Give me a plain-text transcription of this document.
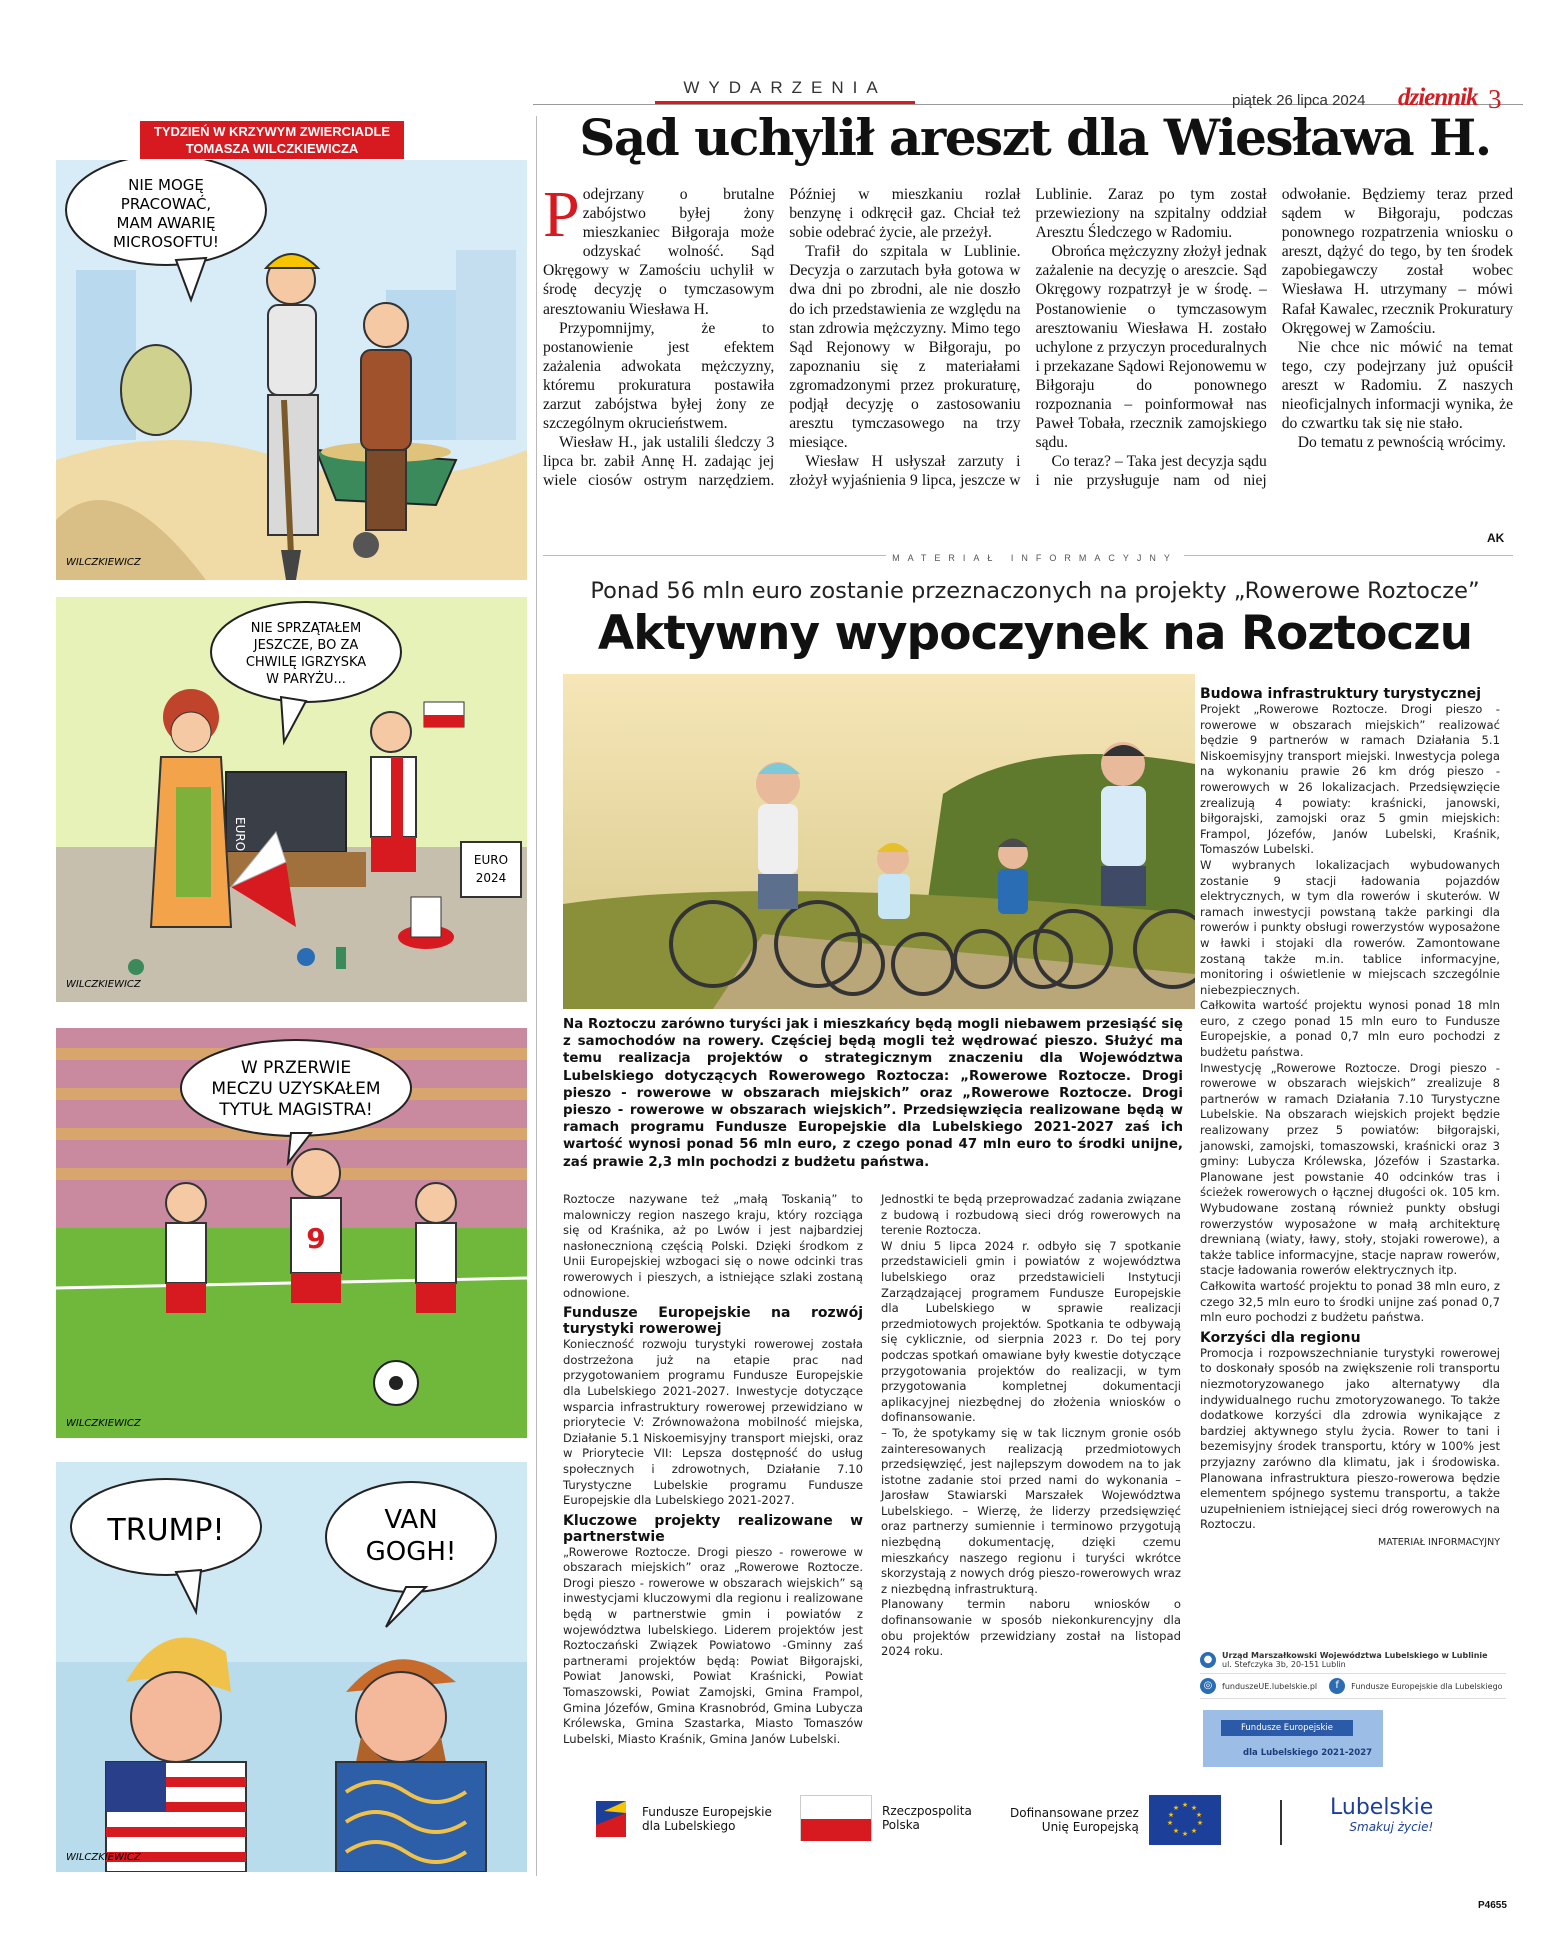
WYDARZENIA
piątek 26 lipca 2024 dziennik 3
TYDZIEŃ W KRZYWYM ZWIERCIADLE
TOMASZA WILCZKIEWICZA
NIE MOGĘ
PRACOWAĆ,
MAM AWARIĘ
MICROSOFTU!
WILCZKIEWICZ
EURO
EURO
2024
NIE SPRZĄTAŁEM
JESZCZE, BO ZA
CHWILĘ IGRZYSKA
W PARYŻU...
WILCZKIEWICZ
9
W PRZERWIE
MECZU UZYSKAŁEM
TYTUŁ MAGISTRA!
WILCZKIEWICZ
TRUMP!	VAN
GOGH!
WILCZKIEWICZ
Sąd uchylił areszt dla Wiesława H.

Podejrzany o brutalne zabójstwo byłej żony mieszkaniec Biłgoraja może odzyskać wolność. Sąd Okręgowy w Zamościu uchylił w środę decyzję o tymczasowym aresztowaniu Wiesława H.

Przypomnijmy, że to postanowienie jest efektem zażalenia adwokata mężczyzny, któremu prokuratura postawiła zarzut zabójstwa byłej żony ze szczególnym okrucieństwem.

Wiesław H., jak ustalili śledczy 3 lipca br. zabił Annę H. zadając jej wiele ciosów ostrym narzędziem. Później w mieszkaniu rozlał benzynę i odkręcił gaz. Chciał też sobie odebrać życie, ale przeżył.

Trafił do szpitala w Lublinie. Decyzja o zarzutach była gotowa w dwa dni po zbrodni, ale nie doszło do ich przedstawienia ze względu na stan zdrowia mężczyzny. Mimo tego Sąd Rejonowy w Biłgoraju, po zapoznaniu się z materiałami zgromadzonymi przez prokuraturę, podjął decyzję o zastosowaniu aresztu tymczasowego na trzy miesiące.

Wiesław H usłyszał zarzuty i złożył wyjaśnienia 9 lipca, jeszcze w Lublinie. Zaraz po tym został przewieziony na szpitalny oddział Aresztu Śledczego w Radomiu.

Obrońca mężczyzny złożył jednak zażalenie na decyzję o areszcie. Sąd Okręgowy rozpatrzył je w środę. – Postanowienie o tymczasowym aresztowaniu Wiesława H. zostało uchylone z przyczyn proceduralnych i przekazane Sądowi Rejonowemu w Biłgoraju do ponownego rozpoznania – poinformował nas Paweł Tobała, rzecznik zamojskiego sądu.

Co teraz? – Taka jest decyzja sądu i nie przysługuje nam od niej odwołanie. Będziemy teraz przed sądem w Biłgoraju, podczas ponownego rozpatrzenia wniosku o areszt, dążyć do tego, by ten środek zapobiegawczy został wobec Wiesława H. utrzymany – mówi Rafał Kawalec, rzecznik Prokuratury Okręgowej w Zamościu.

Nie chce nic mówić na temat tego, czy podejrzany już opuścił areszt w Radomiu. Z naszych nieoficjalnych informacji wynika, że do czwartku tak się nie stało.

Do tematu z pewnością wrócimy.

AK
MATERIAŁ INFORMACYJNY
Ponad 56 mln euro zostanie przeznaczonych na projekty „Rowerowe Roztocze”
Aktywny wypoczynek na Roztoczu
Na Roztoczu zarówno turyści jak i mieszkańcy będą mogli niebawem przesiąść się z samochodów na rowery. Częściej będą mogli też wędrować pieszo. Służyć ma temu realizacja projektów o strategicznym znaczeniu dla Województwa Lubelskiego dotyczących Rowerowego Roztocza: „Rowerowe Roztocze. Drogi pieszo - rowerowe w obszarach miejskich” oraz „Rowerowe Roztocze. Drogi pieszo - rowerowe w obszarach wiejskich”. Przedsięwzięcia realizowane będą w ramach programu Fundusze Europejskie dla Lubelskiego 2021-2027 zaś ich wartość wynosi ponad 56 mln euro, z czego ponad 47 mln euro to środki unijne, zaś prawie 2,3 mln pochodzi z budżetu państwa.

Roztocze nazywane też „małą Toskanią” to malowniczy region naszego kraju, który rozciąga się od Kraśnika, aż po Lwów i jest najbardziej nasłonecznioną częścią Polski. Dzięki środkom z Unii Europejskiej wzbogaci się o nowe odcinki tras rowerowych i pieszych, a istniejące szlaki zostaną odnowione.

Fundusze Europejskie na rozwój turystyki rowerowej

Konieczność rozwoju turystyki rowerowej została dostrzeżona już na etapie prac nad przygotowaniem programu Fundusze Europejskie dla Lubelskiego 2021-2027. Inwestycje dotyczące wsparcia infrastruktury rowerowej przewidziano w priorytecie V: Zrównoważona mobilność miejska, Działanie 5.1 Niskoemisyjny transport miejski, oraz w Priorytecie VII: Lepsza dostępność do usług społecznych i zdrowotnych, Działanie 7.10 Turystyczne Lubelskie programu Fundusze Europejskie dla Lubelskiego 2021-2027.

Kluczowe projekty realizowane w partnerstwie

„Rowerowe Roztocze. Drogi pieszo - rowerowe w obszarach miejskich” oraz „Rowerowe Roztocze. Drogi pieszo - rowerowe w obszarach wiejskich” są inwestycjami kluczowymi dla regionu i realizowane będą w partnerstwie gmin i powiatów z województwa lubelskiego. Liderem projektów jest Roztoczański Związek Powiatowo -Gminny zaś partnerami projektów będą: Powiat Biłgorajski, Powiat Janowski, Powiat Kraśnicki, Powiat Tomaszowski, Powiat Zamojski, Gmina Frampol, Gmina Józefów, Gmina Krasnobród, Gmina Lubycza Królewska, Gmina Szastarka, Miasto Tomaszów Lubelski, Miasto Kraśnik, Gmina Janów Lubelski.

Jednostki te będą przeprowadzać zadania związane z budową i rozbudową sieci dróg rowerowych na terenie Roztocza.

W dniu 5 lipca 2024 r. odbyło się 7 spotkanie przedstawicieli gmin i powiatów z województwa lubelskiego oraz przedstawicieli Instytucji Zarządzającej programem Fundusze Europejskie dla Lubelskiego w sprawie realizacji przedmiotowych projektów. Spotkania te odbywają się cyklicznie, od sierpnia 2023 r. Do tej pory podczas spotkań omawiane były kwestie dotyczące przygotowania projektów do realizacji, w tym przygotowania kompletnej dokumentacji aplikacyjnej niezbędnej do złożenia wniosków o dofinansowanie.

– To, że spotykamy się w tak licznym gronie osób zainteresowanych realizacją przedmiotowych przedsięwzięć, jest najlepszym dowodem na to jak istotne zadanie stoi przed nami do wykonania – Jarosław Stawiarski Marszałek Województwa Lubelskiego. – Wierzę, że liderzy przedsięwzięć oraz partnerzy sumiennie i terminowo przygotują niezbędną dokumentację, dzięki czemu mieszkańcy naszego regionu i turyści wkrótce skorzystają z nowych dróg pieszo-rowerowych wraz z niezbędną infrastrukturą.

Planowany termin naboru wniosków o dofinansowanie w sposób niekonkurencyjny dla obu projektów przewidziany został na listopad 2024 roku.

Budowa infrastruktury turystycznej

Projekt „Rowerowe Roztocze. Drogi pieszo - rowerowe w obszarach miejskich” realizować będzie 9 partnerów w ramach Działania 5.1 Niskoemisyjny transport miejski. Inwestycja polega na wykonaniu prawie 26 km dróg pieszo - rowerowych w 26 lokalizacjach. Przedsięwzięcie zrealizują 4 powiaty: kraśnicki, janowski, biłgorajski, zamojski oraz 5 gmin miejskich: Frampol, Józefów, Janów Lubelski, Kraśnik, Tomaszów Lubelski.

W wybranych lokalizacjach wybudowanych zostanie 9 stacji ładowania pojazdów elektrycznych, w tym dla rowerów i skuterów. W ramach inwestycji powstaną także parkingi dla rowerów i punkty obsługi rowerzystów wyposażone w ławki i stojaki dla rowerów. Zamontowane zostaną także m.in. tablice informacyjne, monitoring i oświetlenie w miejscach szczególnie niebezpiecznych.

Całkowita wartość projektu wynosi ponad 18 mln euro, z czego ponad 15 mln euro to Fundusze Europejskie, a ponad 0,7 mln euro pochodzi z budżetu państwa.

Inwestycję „Rowerowe Roztocze. Drogi pieszo - rowerowe w obszarach wiejskich” zrealizuje 8 partnerów w ramach Działania 7.10 Turystyczne Lubelskie. Na obszarach wiejskich projekt będzie realizowany przez 5 powiatów: biłgorajski, janowski, zamojski, tomaszowski, kraśnicki oraz 3 gminy: Lubycza Królewska, Józefów i Szastarka. Planowane jest powstanie 40 odcinków tras i ścieżek rowerowych o łącznej długości ok. 105 km. Wybudowane zostaną również punkty obsługi rowerzystów wyposażone w małą architekturę drewnianą (wiaty, ławy, stoły, stojaki rowerowe), a także tablice informacyjne, stacje napraw rowerów, stacje ładowania rowerów elektrycznych itp.

Całkowita wartość projektu to ponad 38 mln euro, z czego 32,5 mln euro to środki unijne zaś ponad 0,7 mln euro pochodzi z budżetu państwa.

Korzyści dla regionu

Promocja i rozpowszechnianie turystyki rowerowej to doskonały sposób na zwiększenie roli transportu niezmotoryzowanego jako alternatywy dla indywidualnego ruchu zmotoryzowanego. To także dodatkowe korzyści dla zdrowia wynikające z bardziej aktywnego stylu życia. Rower to tani i bezemisyjny środek transportu, który w 100% jest przyjazny zarówno dla klimatu, jak i środowiska. Planowana infrastruktura pieszo-rowerowa będzie elementem spójnego systemu transportu, a także uzupełnieniem istniejącej sieci dróg rowerowych na Roztoczu.

MATERIAŁ INFORMACYJNY
●	Urząd Marszałkowski Województwa Lubelskiego w Lublinie
ul. Stefczyka 3b, 20-151 Lublin
◎	funduszeUE.lubelskie.pl	f	Fundusze Europejskie dla Lubelskiego
Fundusze Europejskie
dla Lubelskiego 2021-2027
Fundusze Europejskie
dla Lubelskiego
Rzeczpospolita
Polska
Dofinansowane przez
Unię Europejską
★ ★
★
★
★
★
★
★
★
★	Lubelskie
Smakuj życie!
P4655
